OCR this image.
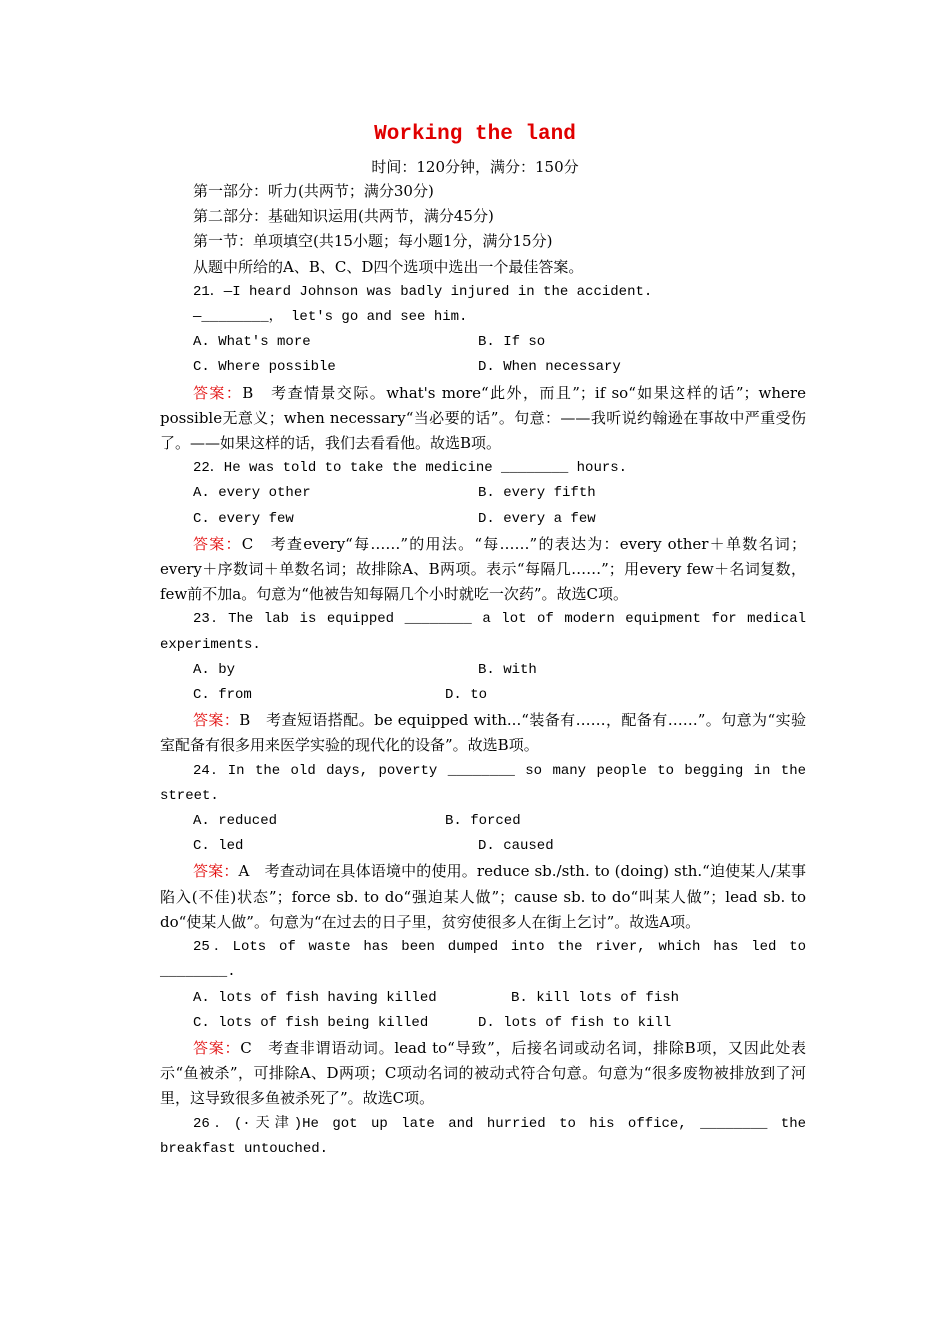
Working the land
时间：120分钟，满分：150分

第一部分：听力(共两节；满分30分)

第二部分：基础知识运用(共两节，满分45分)

第一节：单项填空(共15小题；每小题1分，满分15分)

从题中所给的A、B、C、D四个选项中选出一个最佳答案。

21．—I heard Johnson was badly injured in the accident.

—________， let's go and see him.

A. What's more	B. If so
C. Where possible	D. When necessary

答案：B　考查情景交际。what's more“此外，而且”；if so“如果这样的话”；where possible无意义；when necessary“当必要的话”。句意：——我听说约翰逊在事故中严重受伤了。——如果这样的话，我们去看看他。故选B项。

22．He was told to take the medicine ________ hours.

A. every other	B. every fifth
C. every few	D. every a few

答案：C　考查every“每……”的用法。“每……”的表达为：every other＋单数名词；every＋序数词＋单数名词；故排除A、B两项。表示“每隔几……”；用every few＋名词复数，few前不加a。句意为“他被告知每隔几个小时就吃一次药”。故选C项。

23．The lab is equipped ________ a lot of modern equipment for medical experiments.

A. by	B. with
C. from	D. to

答案：B　考查短语搭配。be equipped with...“装备有……，配备有……”。句意为“实验室配备有很多用来医学实验的现代化的设备”。故选B项。

24．In the old days, poverty ________ so many people to begging in the street.

A. reduced	B. forced
C. led	D. caused

答案：A　考查动词在具体语境中的使用。reduce sb./sth. to (doing) sth.“迫使某人/某事陷入(不佳)状态”；force sb. to do“强迫某人做”；cause sb. to do“叫某人做”；lead sb. to do“使某人做”。句意为“在过去的日子里，贫穷使很多人在街上乞讨”。故选A项。

25．Lots of waste has been dumped into the river, which has led to ________.

A. lots of fish having killed	B. kill lots of fish
C. lots of fish being killed	D. lots of fish to kill

答案：C　考查非谓语动词。lead to“导致”，后接名词或动名词，排除B项，又因此处表示“鱼被杀”，可排除A、D两项；C项动名词的被动式符合句意。句意为“很多废物被排放到了河里，这导致很多鱼被杀死了”。故选C项。

26．(·天津)He got up late and hurried to his office, ________ the breakfast untouched.
